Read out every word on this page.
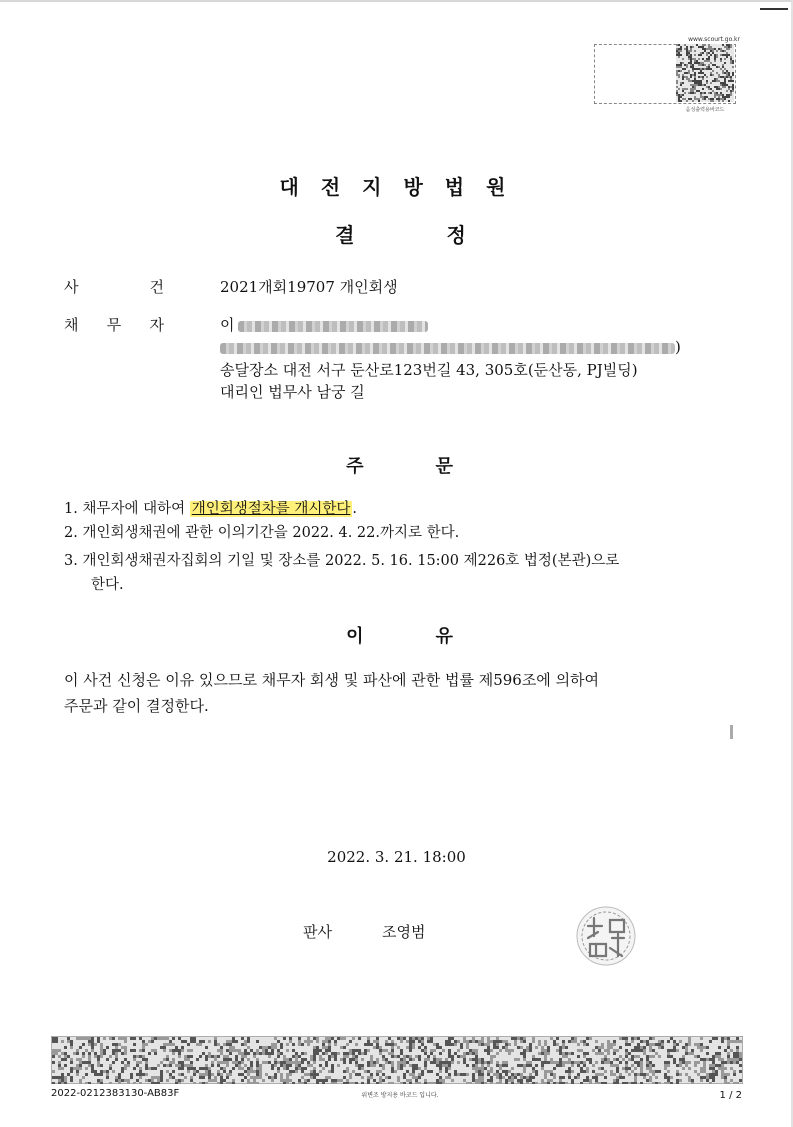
www.scourt.go.kr
음성출력용바코드
대전지방법원
결정
사	건	2021개회19707 개인회생
채 무 자	이
)
송달장소 대전 서구 둔산로123번길 43, 305호(둔산동, PJ빌딩)
대리인 법무사 남궁 길
주문
1. 채무자에 대하여 개인회생절차를 개시한다 .
2. 개인회생채권에 관한 이의기간을 2022. 4. 22.까지로 한다.
3. 개인회생채권자집회의 기일 및 장소를 2022. 5. 16. 15:00 제226호 법정(본관)으로
한다.
이유
이 사건 신청은 이유 있으므로 채무자 회생 및 파산에 관한 법률 제596조에 의하여
주문과 같이 결정한다.
2022. 3. 21. 18:00
판사	조영범
2022-0212383130-AB83F	위변조 방지용 바코드 입니다.	1 / 2
